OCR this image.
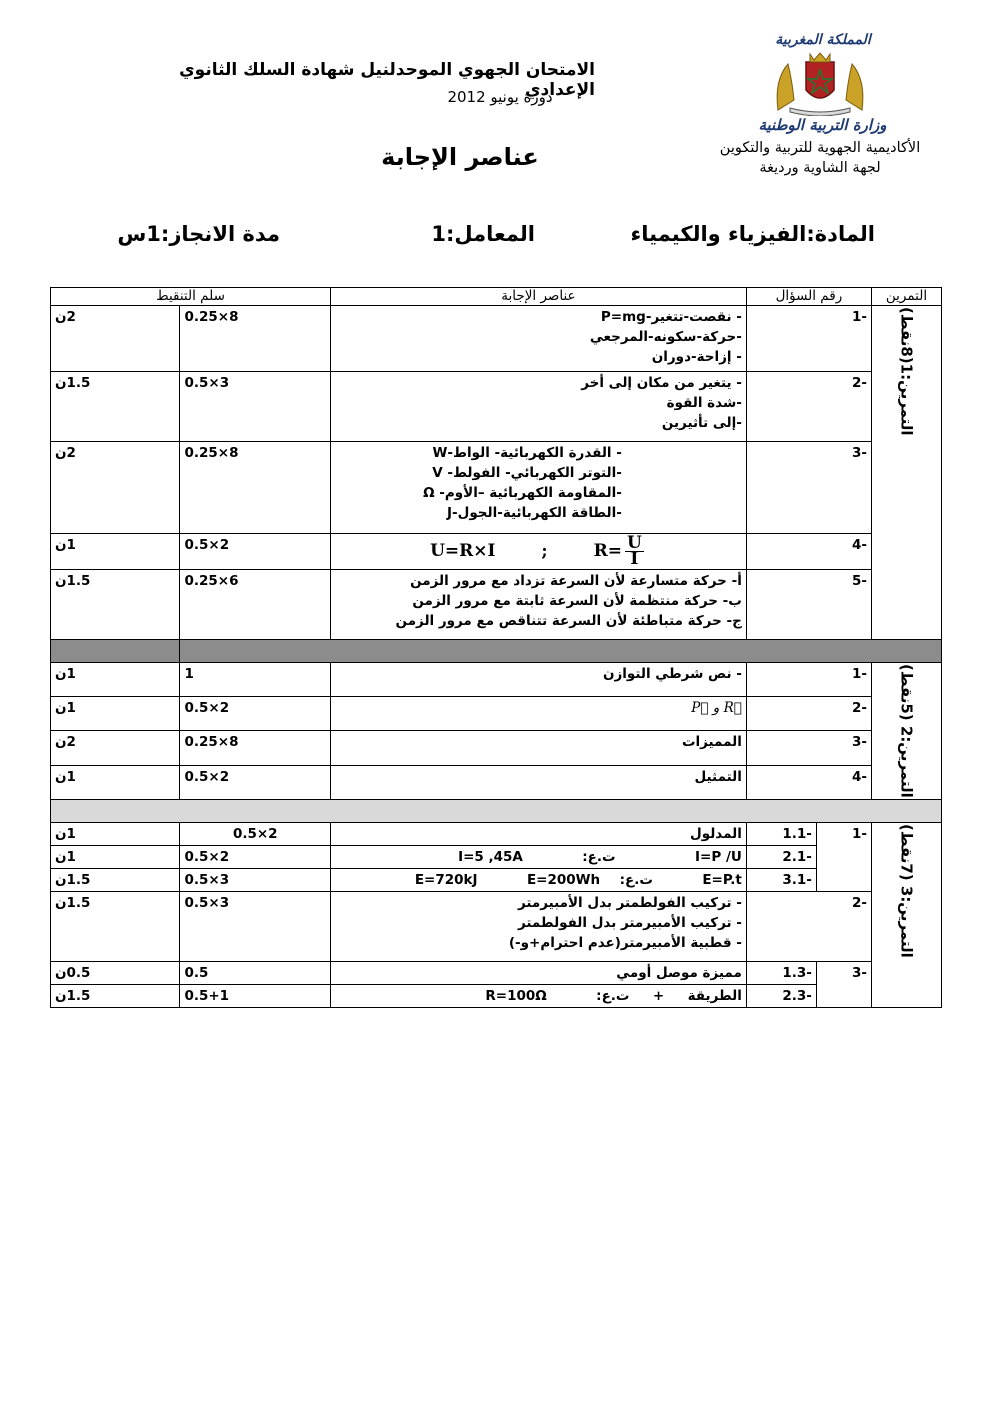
الامتحان الجهوي الموحدلنيل شهادة السلك الثانوي الإعدادي
دورة يونيو 2012
عناصر الإجابة
المملكة المغربية
وزارة التربية الوطنية
الأكاديمية الجهوية للتربية والتكوين
لجهة الشاوية ورديغة
المادة:الفيزياء والكيمياء
المعامل:1
مدة الانجاز:1س
التمرين	رقم السؤال		عناصر الإجابة	سلم التنقيط	

التمرين:1(8نقط)	-1		- نقصت-تتغير-P=mg
-حركة-سكونه-المرجعي
- إزاحة-دوران	8×0.25	2ن
	-2		- يتغير من مكان إلى أخر
-شدة القوة
-إلى تأثيرين	3×0.5	1.5ن
	-3		- القدرة الكهربائية- الواط-W
-التوتر الكهربائي- الفولط- V
-المقاومة الكهربائية –الأوم- Ω
-الطاقة الكهربائية-الجول-J	8×0.25	2ن
	-4		U=R×I ; $R= \frac{U}{I}$	2×0.5	1ن
	-5		أ- حركة متسارعة لأن السرعة تزداد مع مرور الزمن
ب- حركة منتظمة لأن السرعة ثابتة مع مرور الزمن
ج- حركة متباطئة لأن السرعة تتناقص مع مرور الزمن	6×0.25	1.5ن

التمرين:2 (5نقط)	-1		- نص شرطي التوازن	1	1ن
	-2		R⃗ و P⃗	2×0.5	1ن
	-3		المميزات	8×0.25	2ن
	-4		التمثيل	2×0.5	1ن

التمرين:3 (7نقط)	-1	-1.1	المدلول	2×0.5	1ن
		-2.1	I=P /U  ت.ع:  I=5 ,45A	2×0.5	1ن
		-3.1	E=P.t  ت.ع:  E=720kJ E=200Wh	3×0.5	1.5ن
	-2		- تركيب الفولطمتر بدل الأمبيرمتر
- تركيب الأمبيرمتر بدل الفولطمتر
- قطبية الأمبيرمتر(عدم احترام+و-)	3×0.5	1.5ن
	-3	-1.3	مميزة موصل أومي	0.5	0.5ن
		-2.3	الطريقة  +  ت.ع:  R=100Ω	0.5+1	1.5ن
